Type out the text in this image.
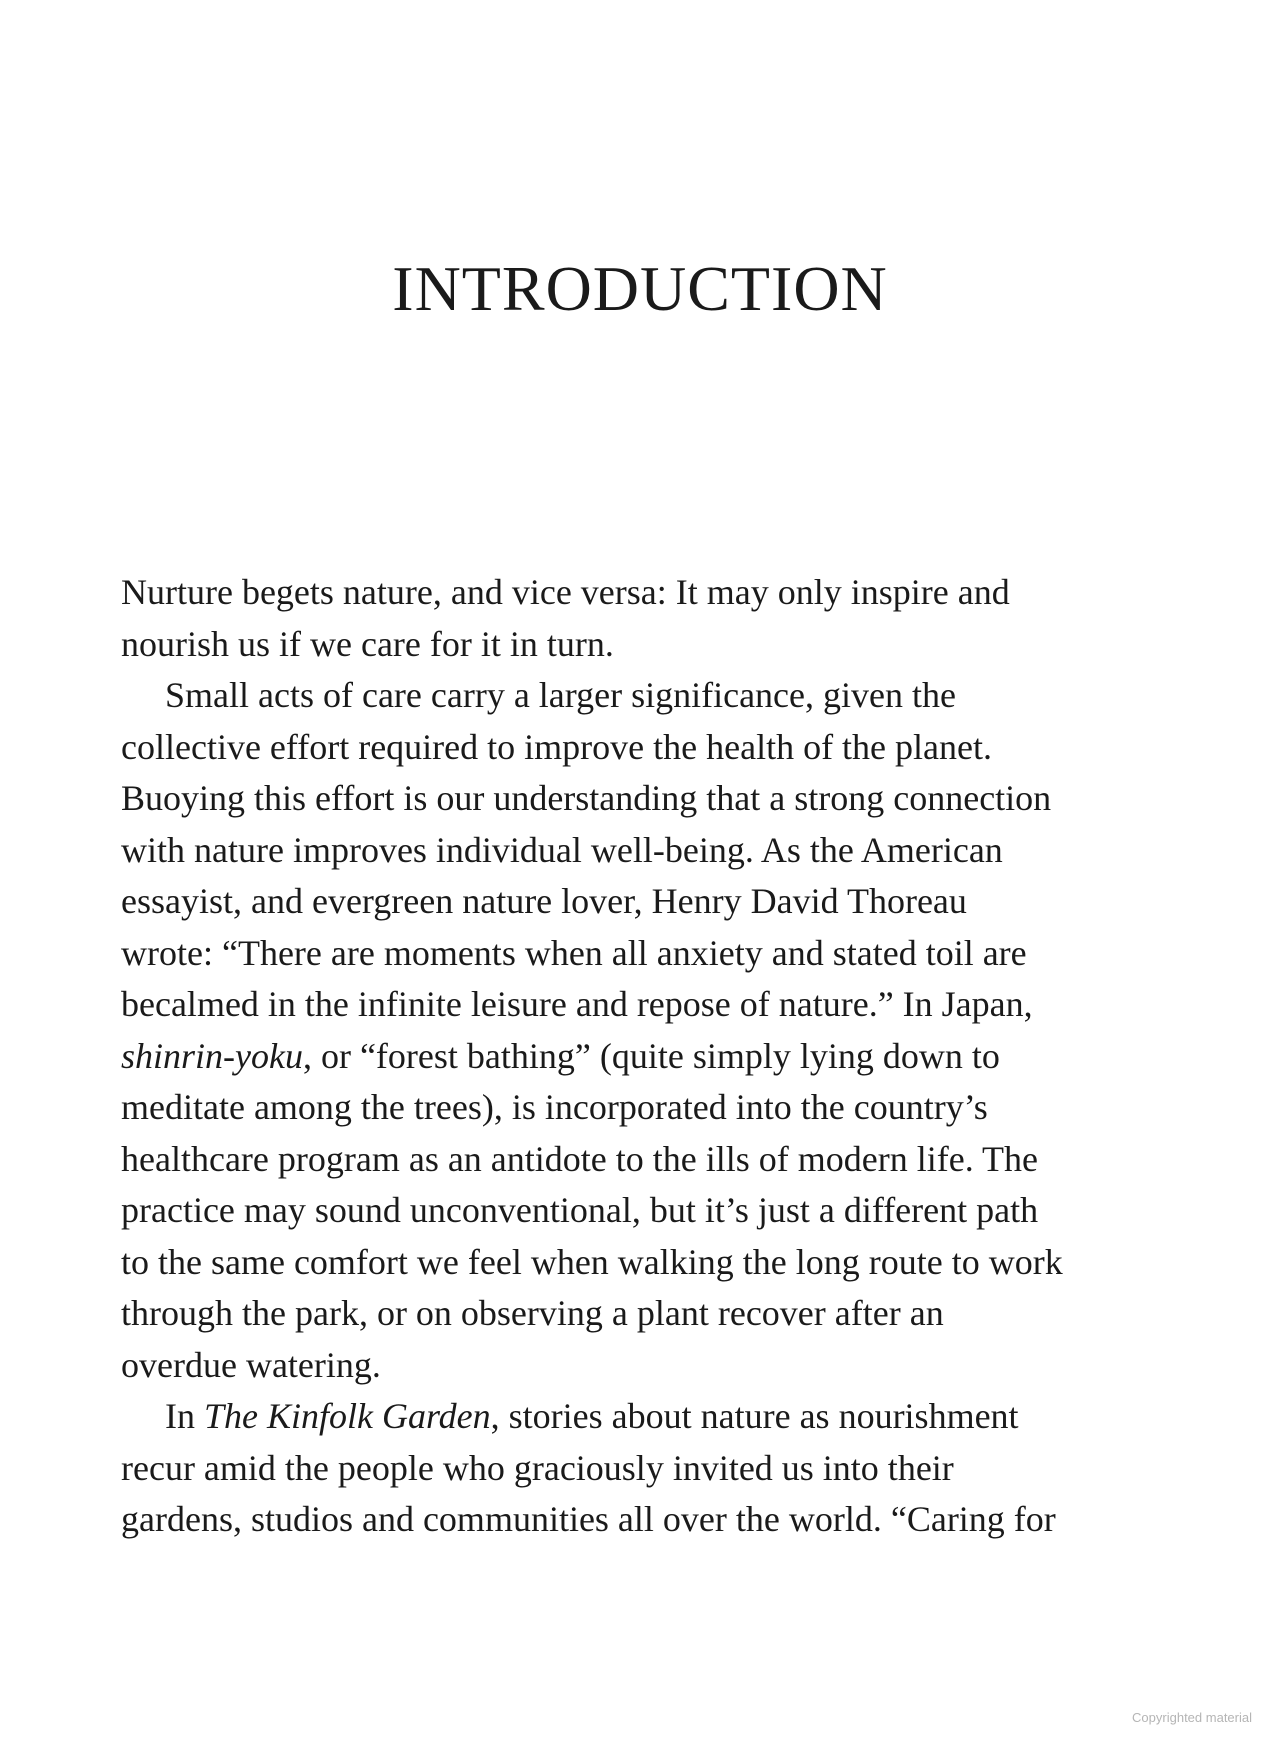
INTRODUCTION

Nurture begets nature, and vice versa: It may only inspire and
nourish us if we care for it in turn.

Small acts of care carry a larger significance, given the
collective effort required to improve the health of the planet.
Buoying this effort is our understanding that a strong connection
with nature improves individual well-being. As the American
essayist, and evergreen nature lover, Henry David Thoreau
wrote: “There are moments when all anxiety and stated toil are
becalmed in the infinite leisure and repose of nature.” In Japan,
shinrin-yoku, or “forest bathing” (quite simply lying down to
meditate among the trees), is incorporated into the country’s
healthcare program as an antidote to the ills of modern life. The
practice may sound unconventional, but it’s just a different path
to the same comfort we feel when walking the long route to work
through the park, or on observing a plant recover after an
overdue watering.

In The Kinfolk Garden, stories about nature as nourishment
recur amid the people who graciously invited us into their
gardens, studios and communities all over the world. “Caring for

Copyrighted material
